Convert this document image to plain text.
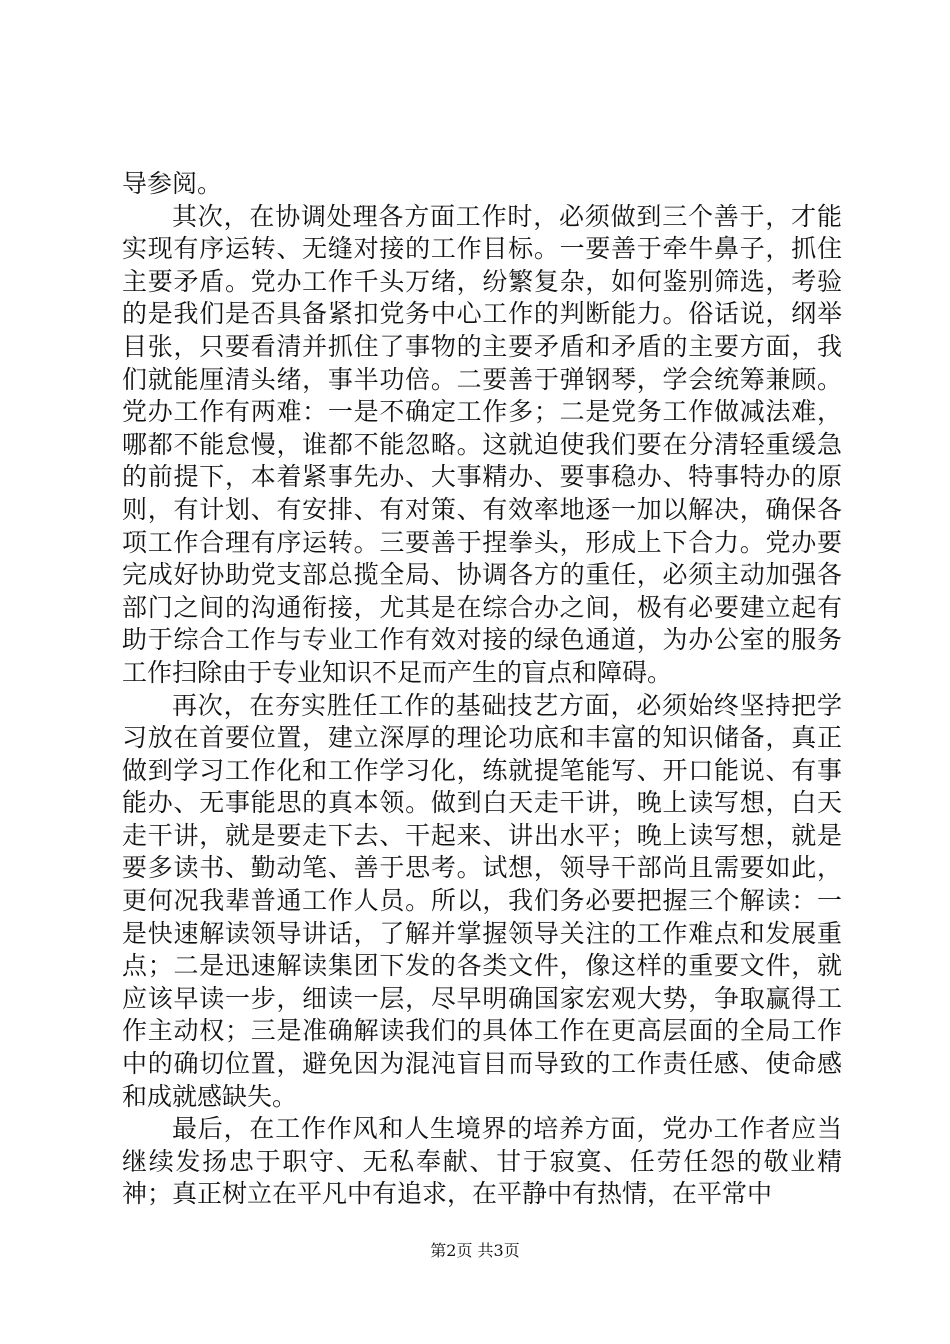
导参阅。

其次，在协调处理各方面工作时，必须做到三个善于，才能实现有序运转、无缝对接的工作目标。一要善于牵牛鼻子，抓住主要矛盾。党办工作千头万绪，纷繁复杂，如何鉴别筛选，考验的是我们是否具备紧扣党务中心工作的判断能力。俗话说，纲举目张，只要看清并抓住了事物的主要矛盾和矛盾的主要方面，我们就能厘清头绪，事半功倍。二要善于弹钢琴，学会统筹兼顾。党办工作有两难：一是不确定工作多；二是党务工作做减法难，哪都不能怠慢，谁都不能忽略。这就迫使我们要在分清轻重缓急的前提下，本着紧事先办、大事精办、要事稳办、特事特办的原则，有计划、有安排、有对策、有效率地逐一加以解决，确保各项工作合理有序运转。三要善于捏拳头，形成上下合力。党办要完成好协助党支部总揽全局、协调各方的重任，必须主动加强各部门之间的沟通衔接，尤其是在综合办之间，极有必要建立起有助于综合工作与专业工作有效对接的绿色通道，为办公室的服务工作扫除由于专业知识不足而产生的盲点和障碍。

再次，在夯实胜任工作的基础技艺方面，必须始终坚持把学习放在首要位置，建立深厚的理论功底和丰富的知识储备，真正做到学习工作化和工作学习化，练就提笔能写、开口能说、有事能办、无事能思的真本领。做到白天走干讲，晚上读写想，白天走干讲，就是要走下去、干起来、讲出水平；晚上读写想，就是要多读书、勤动笔、善于思考。试想，领导干部尚且需要如此，更何况我辈普通工作人员。所以，我们务必要把握三个解读：一是快速解读领导讲话，了解并掌握领导关注的工作难点和发展重点；二是迅速解读集团下发的各类文件，像这样的重要文件，就应该早读一步，细读一层，尽早明确国家宏观大势，争取赢得工作主动权；三是准确解读我们的具体工作在更高层面的全局工作中的确切位置，避免因为混沌盲目而导致的工作责任感、使命感和成就感缺失。

最后，在工作作风和人生境界的培养方面，党办工作者应当继续发扬忠于职守、无私奉献、甘于寂寞、任劳任怨的敬业精神；真正树立在平凡中有追求，在平静中有热情，在平常中

第2页 共3页
